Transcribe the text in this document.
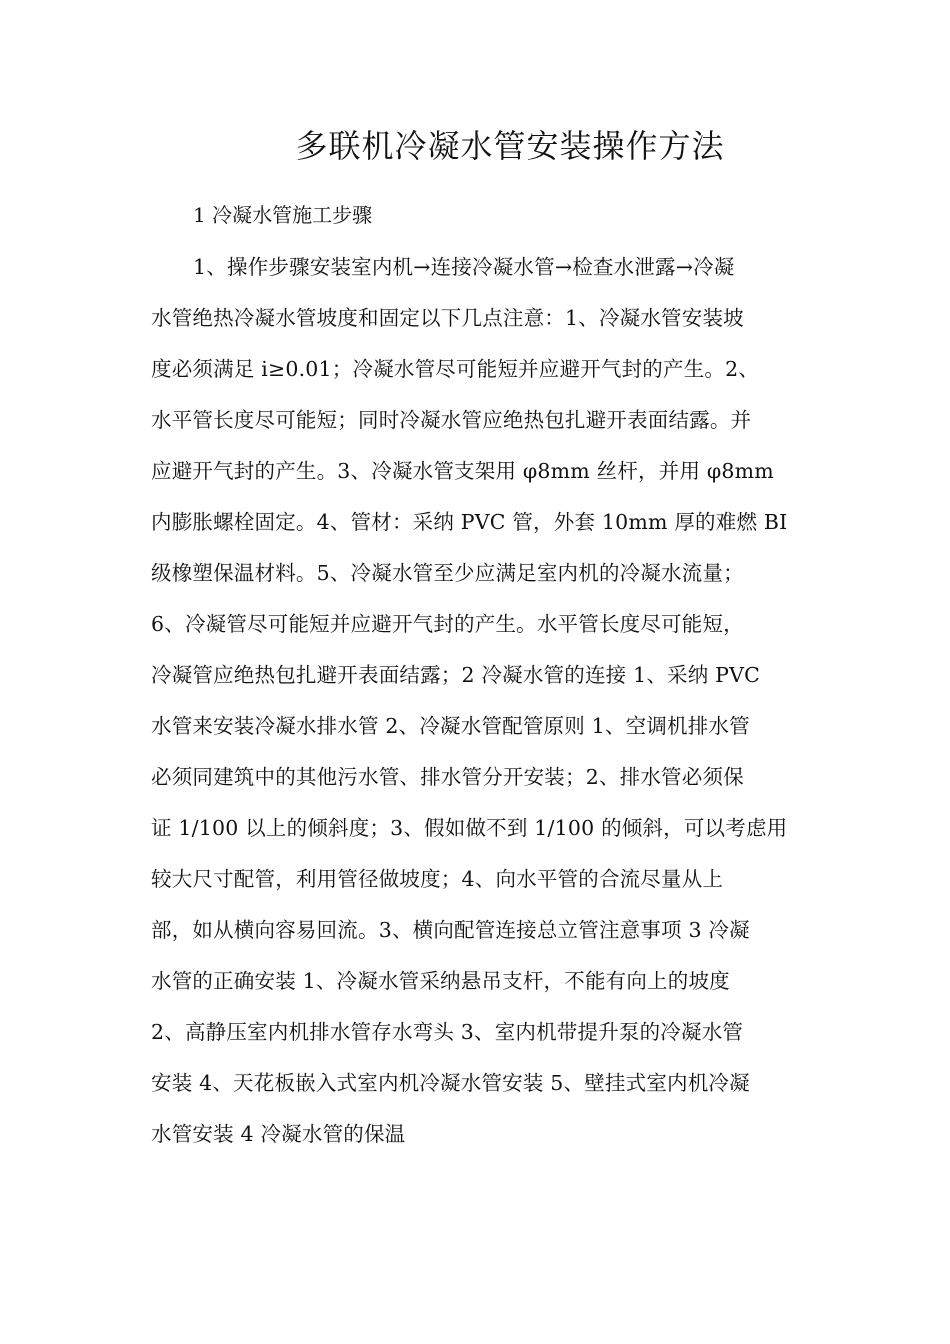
多联机冷凝水管安装操作方法

1 冷凝水管施工步骤

1、操作步骤安装室内机→连接冷凝水管→检查水泄露→冷凝

水管绝热冷凝水管坡度和固定以下几点注意：1、冷凝水管安装坡

度必须满足 i≥0.01；冷凝水管尽可能短并应避开气封的产生。2、

水平管长度尽可能短；同时冷凝水管应绝热包扎避开表面结露。并

应避开气封的产生。3、冷凝水管支架用 φ8mm 丝杆，并用 φ8mm

内膨胀螺栓固定。4、管材：采纳 PVC 管，外套 10mm 厚的难燃 BI

级橡塑保温材料。5、冷凝水管至少应满足室内机的冷凝水流量；

6、冷凝管尽可能短并应避开气封的产生。水平管长度尽可能短，

冷凝管应绝热包扎避开表面结露；2 冷凝水管的连接 1、采纳 PVC

水管来安装冷凝水排水管 2、冷凝水管配管原则 1、空调机排水管

必须同建筑中的其他污水管、排水管分开安装；2、排水管必须保

证 1/100 以上的倾斜度；3、假如做不到 1/100 的倾斜，可以考虑用

较大尺寸配管，利用管径做坡度；4、向水平管的合流尽量从上

部，如从横向容易回流。3、横向配管连接总立管注意事项 3 冷凝

水管的正确安装 1、冷凝水管采纳悬吊支杆，不能有向上的坡度

2、高静压室内机排水管存水弯头 3、室内机带提升泵的冷凝水管

安装 4、天花板嵌入式室内机冷凝水管安装 5、壁挂式室内机冷凝

水管安装 4 冷凝水管的保温
